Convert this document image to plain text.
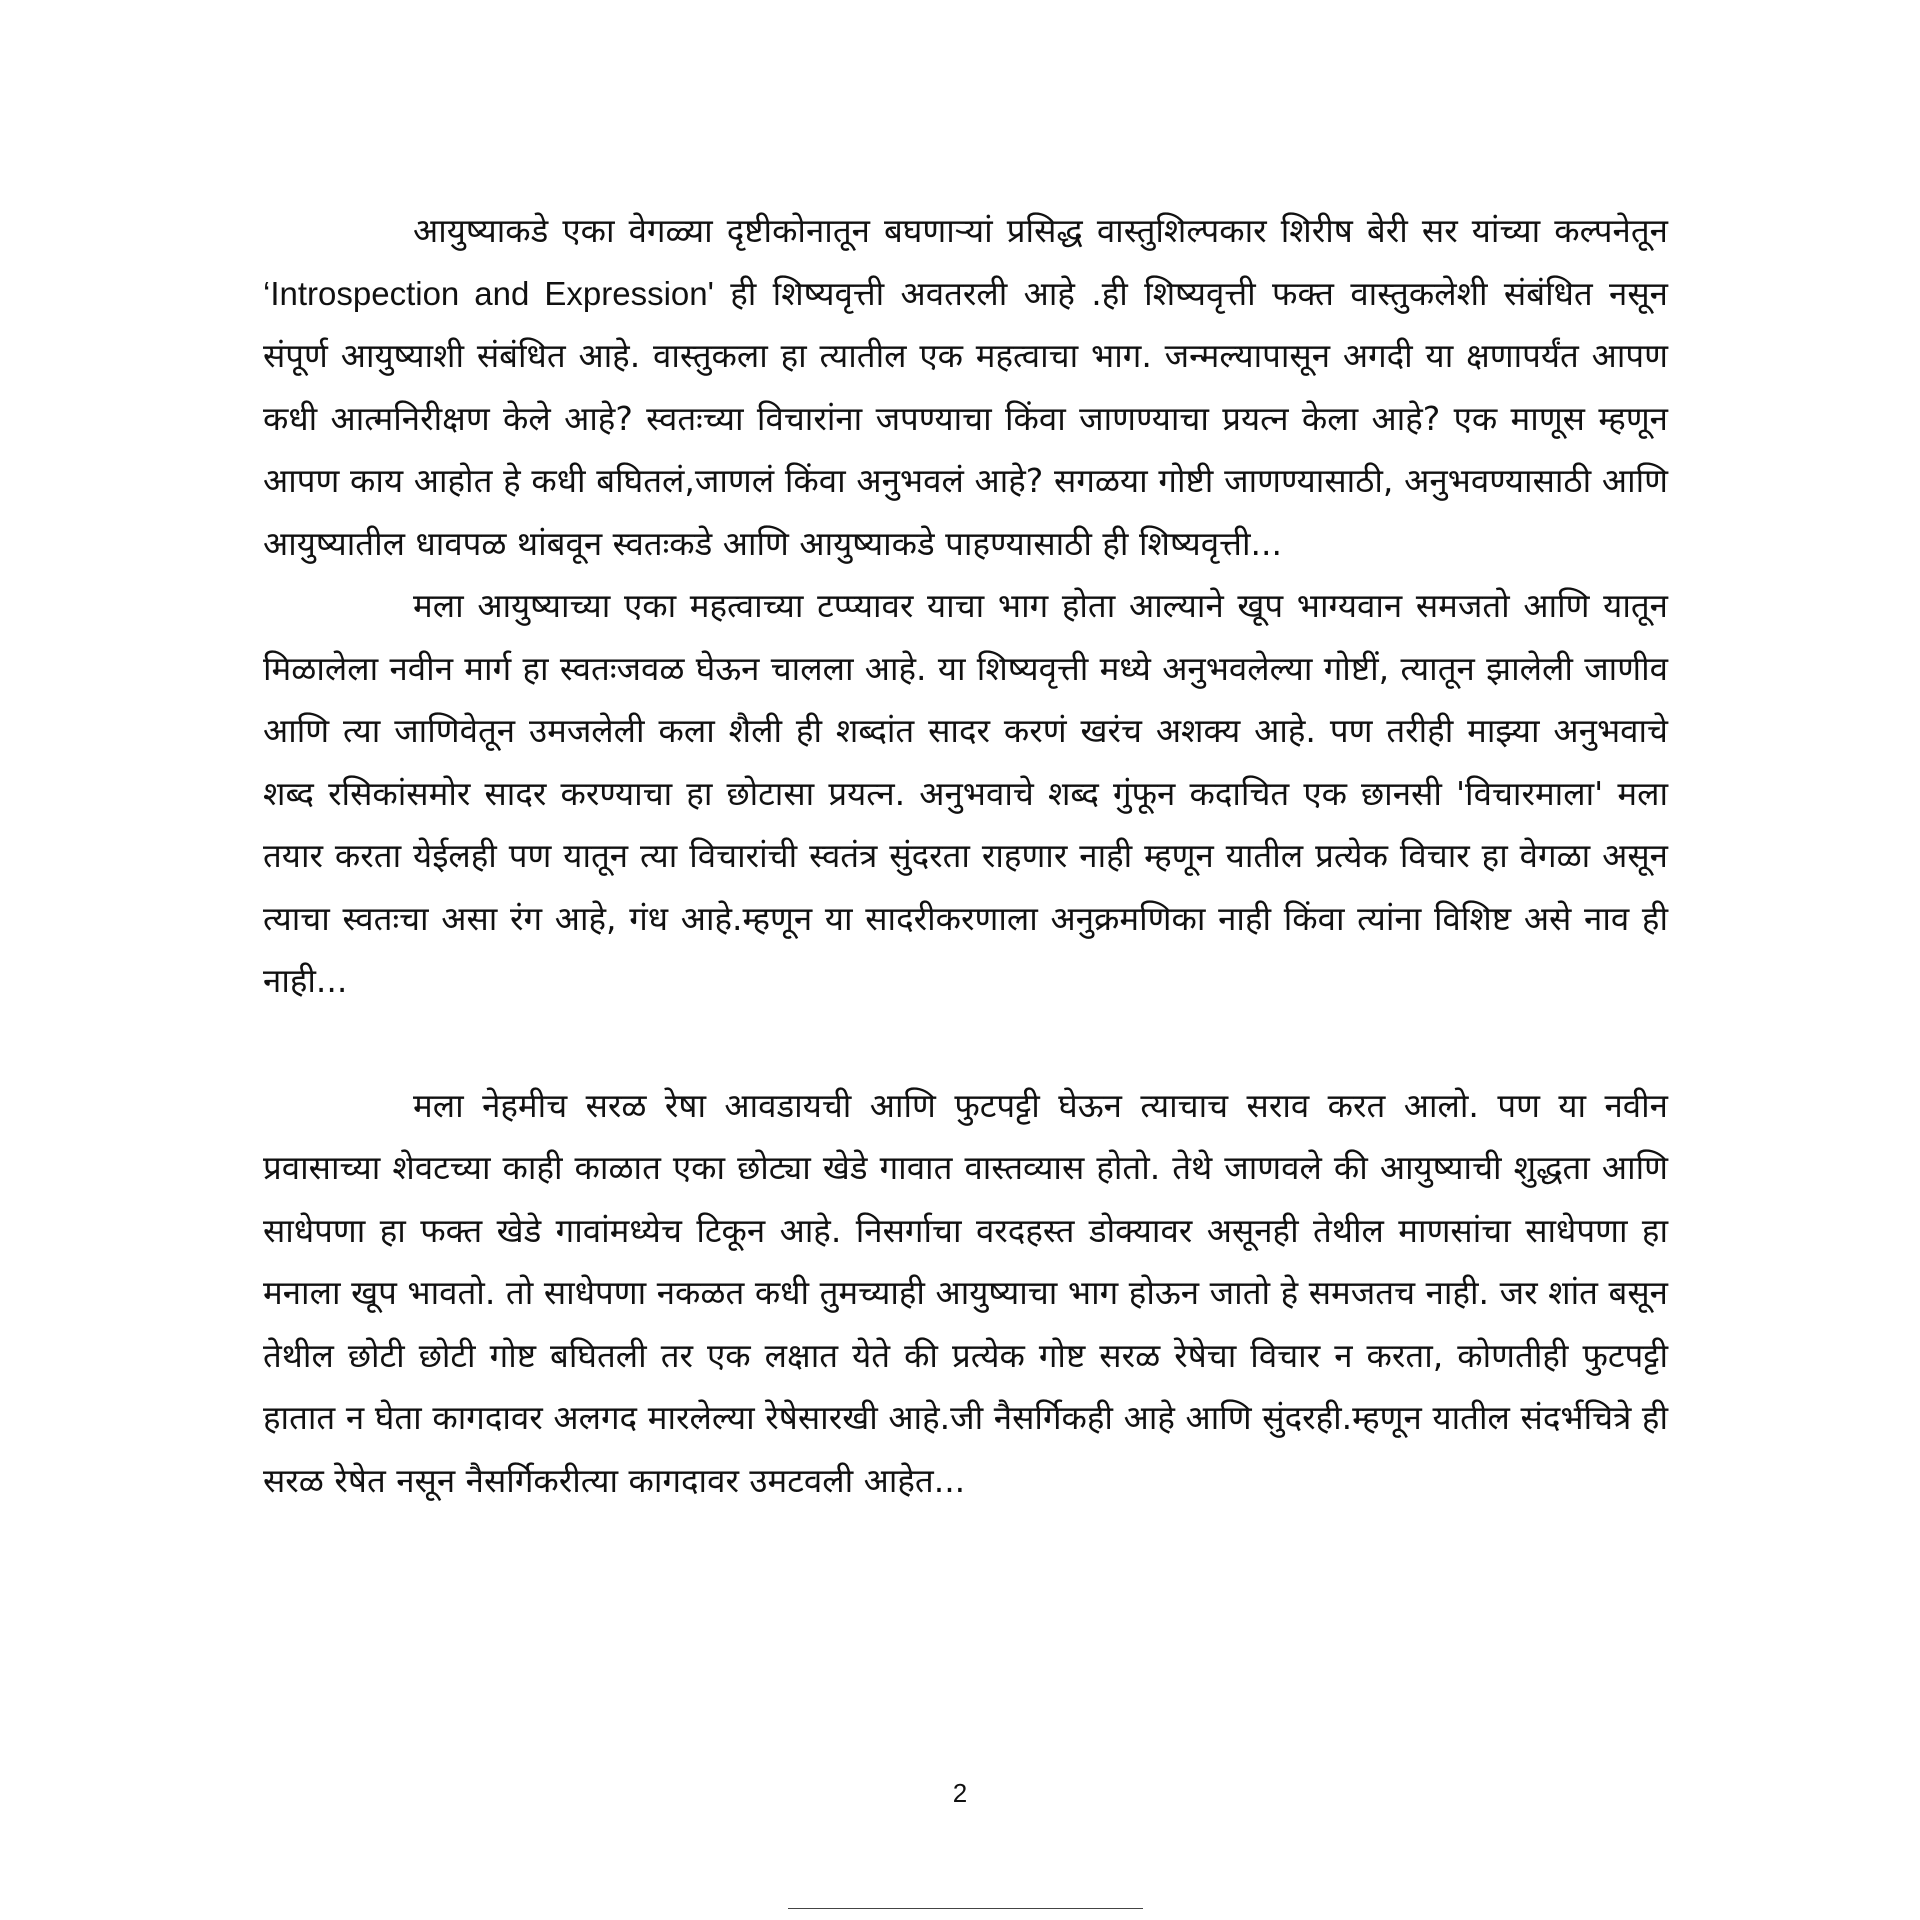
आयुष्याकडे एका वेगळ्या दृष्टीकोनातून बघणाऱ्यां प्रसिद्ध वास्तुशिल्पकार शिरीष बेरी सर यांच्या कल्पनेतून ‘Introspection and Expression' ही शिष्यवृत्ती अवतरली आहे .ही शिष्यवृत्ती फक्त वास्तुकलेशी संबंधित नसून संपूर्ण आयुष्याशी संबंधित आहे. वास्तुकला हा त्यातील एक महत्वाचा भाग. जन्मल्यापासून अगदी या क्षणापर्यंत आपण कधी आत्मनिरीक्षण केले आहे? स्वतःच्या विचारांना जपण्याचा किंवा जाणण्याचा प्रयत्न केला आहे? एक माणूस म्हणून आपण काय आहोत हे कधी बघितलं,जाणलं किंवा अनुभवलं आहे? सगळया गोष्टी जाणण्यासाठी, अनुभवण्यासाठी आणि आयुष्यातील धावपळ थांबवून स्वतःकडे आणि आयुष्याकडे पाहण्यासाठी ही शिष्यवृत्ती...

मला आयुष्याच्या एका महत्वाच्या टप्प्यावर याचा भाग होता आल्याने खूप भाग्यवान समजतो आणि यातून मिळालेला नवीन मार्ग हा स्वतःजवळ घेऊन चालला आहे. या शिष्यवृत्ती मध्ये अनुभवलेल्या गोष्टीं, त्यातून झालेली जाणीव आणि त्या जाणिवेतून उमजलेली कला शैली ही शब्दांत सादर करणं खरंच अशक्य आहे. पण तरीही माझ्या अनुभवाचे शब्द रसिकांसमोर सादर करण्याचा हा छोटासा प्रयत्न. अनुभवाचे शब्द गुंफून कदाचित एक छानसी 'विचारमाला' मला तयार करता येईलही पण यातून त्या विचारांची स्वतंत्र सुंदरता राहणार नाही म्हणून यातील प्रत्येक विचार हा वेगळा असून त्याचा स्वतःचा असा रंग आहे, गंध आहे.म्हणून या सादरीकरणाला अनुक्रमणिका नाही किंवा त्यांना विशिष्ट असे नाव ही नाही...

मला नेहमीच सरळ रेषा आवडायची आणि फुटपट्टी घेऊन त्याचाच सराव करत आलो. पण या नवीन प्रवासाच्या शेवटच्या काही काळात एका छोट्या खेडे गावात वास्तव्यास होतो. तेथे जाणवले की आयुष्याची शुद्धता आणि साधेपणा हा फक्त खेडे गावांमध्येच टिकून आहे. निसर्गाचा वरदहस्त डोक्यावर असूनही तेथील माणसांचा साधेपणा हा मनाला खूप भावतो. तो साधेपणा नकळत कधी तुमच्याही आयुष्याचा भाग होऊन जातो हे समजतच नाही. जर शांत बसून तेथील छोटी छोटी गोष्ट बघितली तर एक लक्षात येते की प्रत्येक गोष्ट सरळ रेषेचा विचार न करता, कोणतीही फुटपट्टी हातात न घेता कागदावर अलगद मारलेल्या रेषेसारखी आहे.जी नैसर्गिकही आहे आणि सुंदरही.म्हणून यातील संदर्भचित्रे ही सरळ रेषेत नसून नैसर्गिकरीत्या कागदावर उमटवली आहेत...

2
